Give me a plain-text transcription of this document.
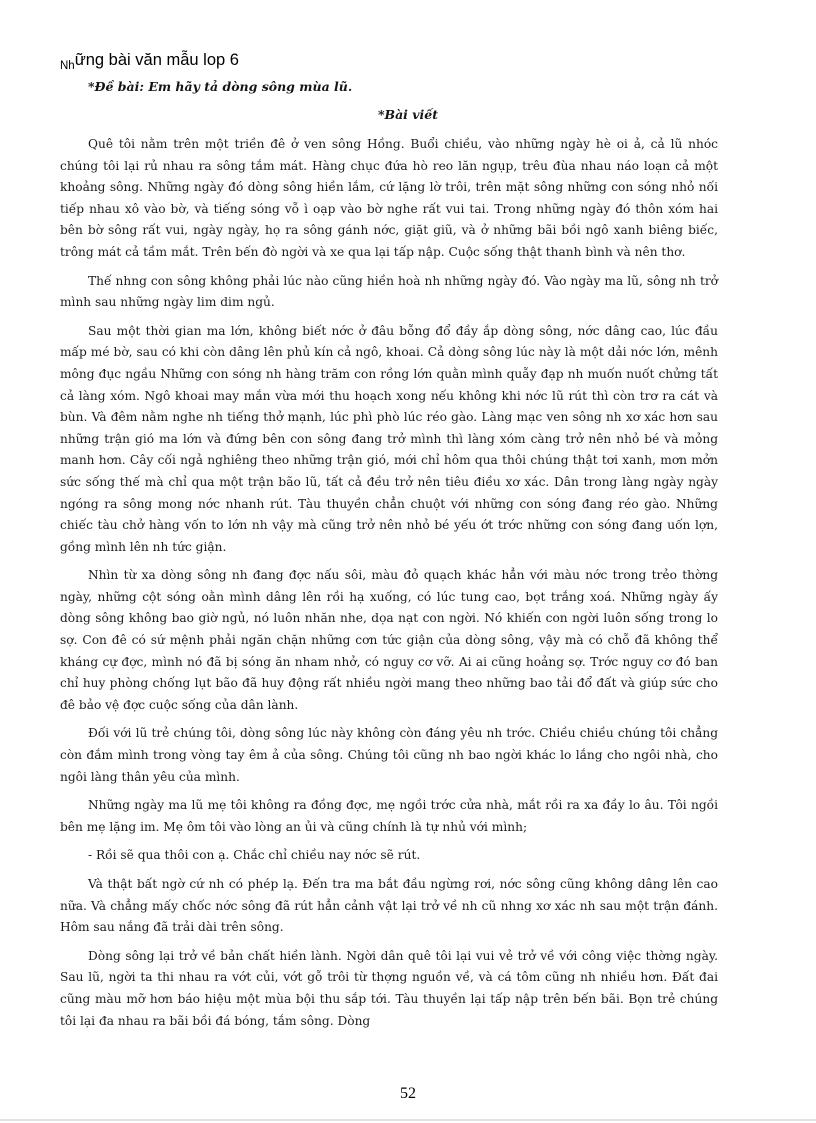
$_{Nh}$ững bài văn mẫu lop 6
*Đề bài: Em hãy tả dòng sông mùa lũ.
*Bài viết

Quê tôi nằm trên một triền đê ở ven sông Hồng. Buổi chiều, vào những ngày hè oi ả, cả lũ nhóc chúng tôi lại rủ nhau ra sông tắm mát. Hàng chục đứa hò reo lăn ngụp, trêu đùa nhau náo loạn cả một khoảng sông. Những ngày đó dòng sông hiền lắm, cứ lặng lờ trôi, trên mặt sông những con sóng nhỏ nối tiếp nhau xô vào bờ, và tiếng sóng vỗ ì oạp vào bờ nghe rất vui tai. Trong những ngày đó thôn xóm hai bên bờ sông rất vui, ngày ngày, họ ra sông gánh nớc, giặt giũ, và ở những bãi bồi ngô xanh biêng biếc, trông mát cả tầm mắt. Trên bến đò ngời và xe qua lại tấp nập. Cuộc sống thật thanh bình và nên thơ.

Thế nhng con sông không phải lúc nào cũng hiền hoà nh những ngày đó. Vào ngày ma lũ, sông nh trở mình sau những ngày lim dim ngủ.

Sau một thời gian ma lớn, không biết nớc ở đâu bỗng đổ đầy ắp dòng sông, nớc dâng cao, lúc đầu mấp mé bờ, sau có khi còn dâng lên phủ kín cả ngô, khoai. Cả dòng sông lúc này là một dải nớc lớn, mênh mông đục ngầu Những con sóng nh hàng trăm con rồng lớn quằn mình quẫy đạp nh muốn nuốt chửng tất cả làng xóm. Ngô khoai may mắn vừa mới thu hoạch xong nếu không khi nớc lũ rút thì còn trơ ra cát và bùn. Và đêm nằm nghe nh tiếng thở mạnh, lúc phì phò lúc réo gào. Làng mạc ven sông nh xơ xác hơn sau những trận gió ma lớn và đứng bên con sông đang trở mình thì làng xóm càng trở nên nhỏ bé và mỏng manh hơn. Cây cối ngả nghiêng theo những trận gió, mới chỉ hôm qua thôi chúng thật tơi xanh, mơn mởn sức sống thế mà chỉ qua một trận bão lũ, tất cả đều trở nên tiêu điều xơ xác. Dân trong làng ngày ngày ngóng ra sông mong nớc nhanh rút. Tàu thuyền chẳn chuột với những con sóng đang réo gào. Những chiếc tàu chở hàng vốn to lớn nh vậy mà cũng trở nên nhỏ bé yếu ớt trớc những con sóng đang uốn lợn, gồng mình lên nh tức giận.

Nhìn từ xa dòng sông nh đang đợc nấu sôi, màu đỏ quạch khác hẳn với màu nớc trong trẻo thờng ngày, những cột sóng oằn mình dâng lên rồi hạ xuống, có lúc tung cao, bọt trắng xoá. Những ngày ấy dòng sông không bao giờ ngủ, nó luôn nhăn nhe, dọa nạt con ngời. Nó khiến con ngời luôn sống trong lo sợ. Con đê có sứ mệnh phải ngăn chặn những cơn tức giận của dòng sông, vậy mà có chỗ đã không thể kháng cự đợc, mình nó đã bị sóng ăn nham nhở, có nguy cơ vỡ. Ai ai cũng hoảng sợ. Trớc nguy cơ đó ban chỉ huy phòng chống lụt bão đã huy động rất nhiều ngời mang theo những bao tải đổ đất và giúp sức cho đê bảo vệ đợc cuộc sống của dân lành.

Đối với lũ trẻ chúng tôi, dòng sông lúc này không còn đáng yêu nh trớc. Chiều chiều chúng tôi chẳng còn đắm mình trong vòng tay êm ả của sông. Chúng tôi cũng nh bao ngời khác lo lắng cho ngôi nhà, cho ngôi làng thân yêu của mình.

Những ngày ma lũ mẹ tôi không ra đồng đợc, mẹ ngồi trớc cửa nhà, mắt rồi ra xa đầy lo âu. Tôi ngồi bên mẹ lặng im. Mẹ ôm tôi vào lòng an ủi và cũng chính là tự nhủ với mình;

- Rồi sẽ qua thôi con ạ. Chắc chỉ chiều nay nớc sẽ rút.

Và thật bất ngờ cứ nh có phép lạ. Đến tra ma bắt đầu ngừng rơi, nớc sông cũng không dâng lên cao nữa. Và chẳng mấy chốc nớc sông đã rút hẳn cảnh vật lại trở về nh cũ nhng xơ xác nh sau một trận đánh. Hôm sau nắng đã trải dài trên sông.

Dòng sông lại trở về bản chất hiền lành. Ngời dân quê tôi lại vui vẻ trở về với công việc thờng ngày. Sau lũ, ngời ta thi nhau ra vớt củi, vớt gỗ trôi từ thợng nguồn về, và cá tôm cũng nh nhiều hơn. Đất đai cũng màu mỡ hơn báo hiệu một mùa bội thu sắp tới. Tàu thuyền lại tấp nập trên bến bãi. Bọn trẻ chúng tôi lại đa nhau ra bãi bồi đá bóng, tắm sông. Dòng

52
